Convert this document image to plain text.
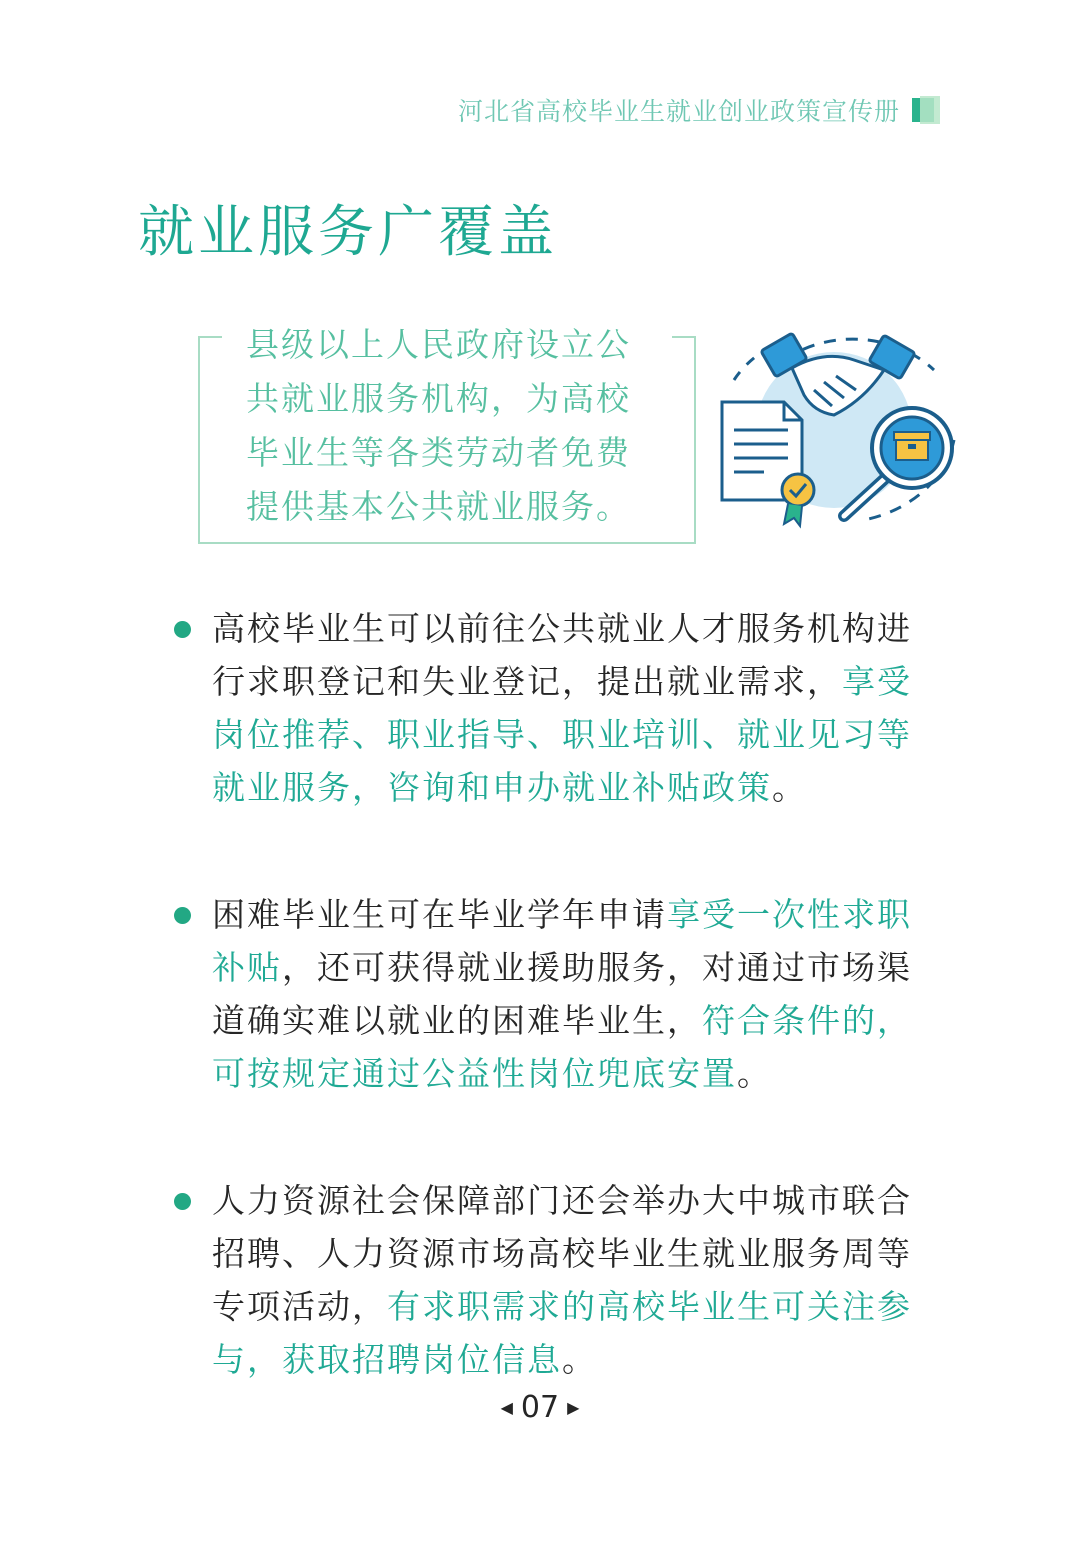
河北省高校毕业生就业创业政策宣传册
就业服务广覆盖
县级以上人民政府设立公共就业服务机构，为高校毕业生等各类劳动者免费提供基本公共就业服务。
高校毕业生可以前往公共就业人才服务机构进行求职登记和失业登记，提出就业需求，享受岗位推荐、职业指导、职业培训、就业见习等就业服务，咨询和申办就业补贴政策。
困难毕业生可在毕业学年申请享受一次性求职补贴，还可获得就业援助服务，对通过市场渠道确实难以就业的困难毕业生，符合条件的，可按规定通过公益性岗位兜底安置。
人力资源社会保障部门还会举办大中城市联合招聘、人力资源市场高校毕业生就业服务周等专项活动，有求职需求的高校毕业生可关注参与，获取招聘岗位信息。
◀ 07 ▶
